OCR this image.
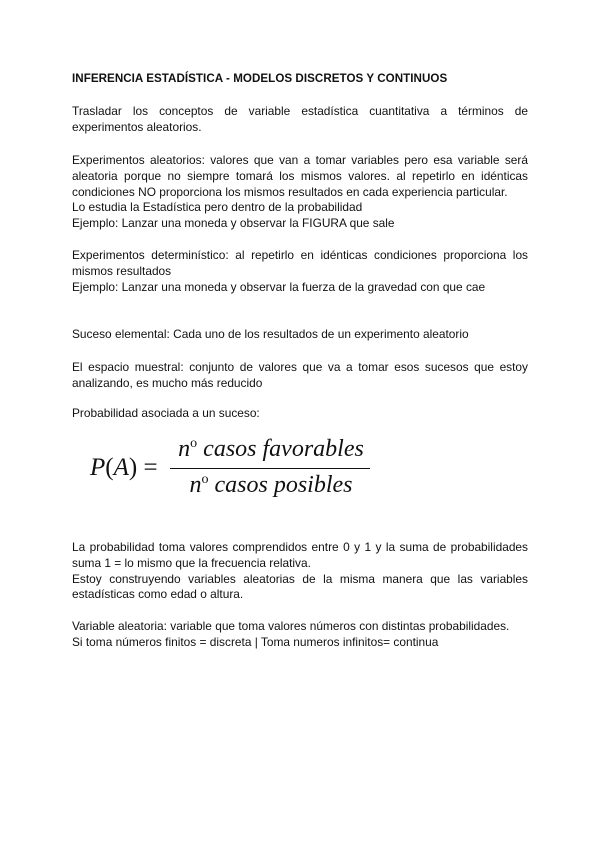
INFERENCIA ESTADÍSTICA - MODELOS DISCRETOS Y CONTINUOS
Trasladar los conceptos de variable estadística cuantitativa a términos de
experimentos aleatorios.
Experimentos aleatorios: valores que van a tomar variables pero esa variable será
aleatoria porque no siempre tomará los mismos valores. al repetirlo en idénticas
condiciones NO proporciona los mismos resultados en cada experiencia particular.
Lo estudia la Estadística pero dentro de la probabilidad
Ejemplo: Lanzar una moneda y observar la FIGURA que sale
Experimentos determinístico: al repetirlo en idénticas condiciones proporciona los
mismos resultados
Ejemplo: Lanzar una moneda y observar la fuerza de la gravedad con que cae
Suceso elemental: Cada uno de los resultados de un experimento aleatorio
El espacio muestral: conjunto de valores que va a tomar esos sucesos que estoy
analizando, es mucho más reducido
Probabilidad asociada a un suceso:
P(A) =
$n^o$ casos favorables
$n^o$ casos posibles
La probabilidad toma valores comprendidos entre 0 y 1 y la suma de probabilidades
suma 1 = lo mismo que la frecuencia relativa.
Estoy construyendo variables aleatorias de la misma manera que las variables
estadísticas como edad o altura.
Variable aleatoria: variable que toma valores números con distintas probabilidades.
Si toma números finitos = discreta | Toma numeros infinitos= continua
